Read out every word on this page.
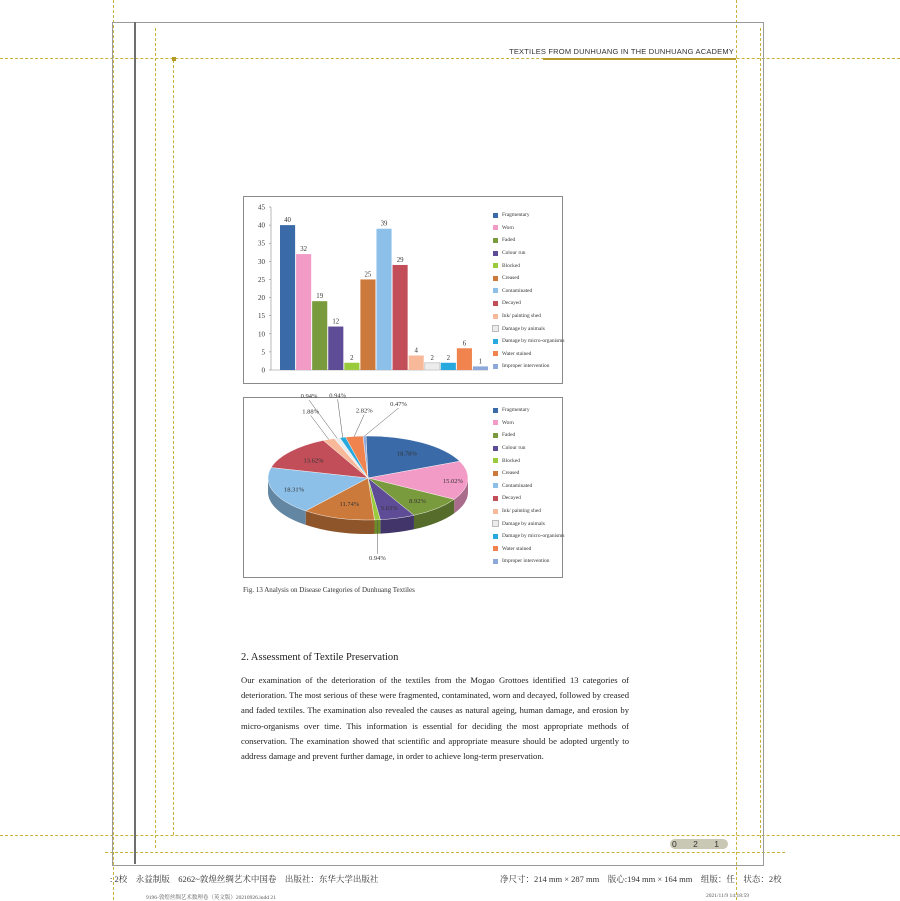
TEXTILES FROM DUNHUANG IN THE DUNHUANG ACADEMY
0
5
10
15
20
25
30
35
40
45
40
32
19
12
2
25
39
29
4
2 2
6
1
Fragmentary
Worn
Faded
Colour run
Blocked
Creased
Contaminated
Decayed
Ink/ painting shed
Damage by animals
Damage by micro-organisms
Water stained
Improper intervention
18.78%
15.02%
8.92%
5.63%
0.94%
11.74%
18.31%
13.62%
1.88%
0.94% 0.94%
2.82%
0.47%
Fragmentary
Worn
Faded
Colour run
Blocked
Creased
Contaminated
Decayed
Ink/ painting shed
Damage by animals
Damage by micro-organisms
Water stained
Improper intervention
Fig. 13 Analysis on Disease Categories of Dunhuang Textiles
2. Assessment of Textile Preservation
Our examination of the deterioration of the textiles from the Mogao Grottoes identified 13 categories of deterioration. The most serious of these were fragmented, contaminated, worn and decayed, followed by creased and faded textiles. The examination also revealed the causes as natural ageing, human damage, and erosion by micro-organisms over time. This information is essential for deciding the most appropriate methods of conservation. The examination showed that scientific and appropriate measure should be adopted urgently to address damage and prevent further damage, in order to achieve long-term preservation.
0 2 1
: 2校　永益制版　6262~敦煌丝绸艺术中国卷　出版社：东华大学出版社	净尺寸：214 mm × 287 mm　版心:194 mm × 164 mm　组版：任　状态：2校
9196-敦煌丝绸艺术数理卷（英文版）20210926.indd 21	2021/11/9 14:18:59
